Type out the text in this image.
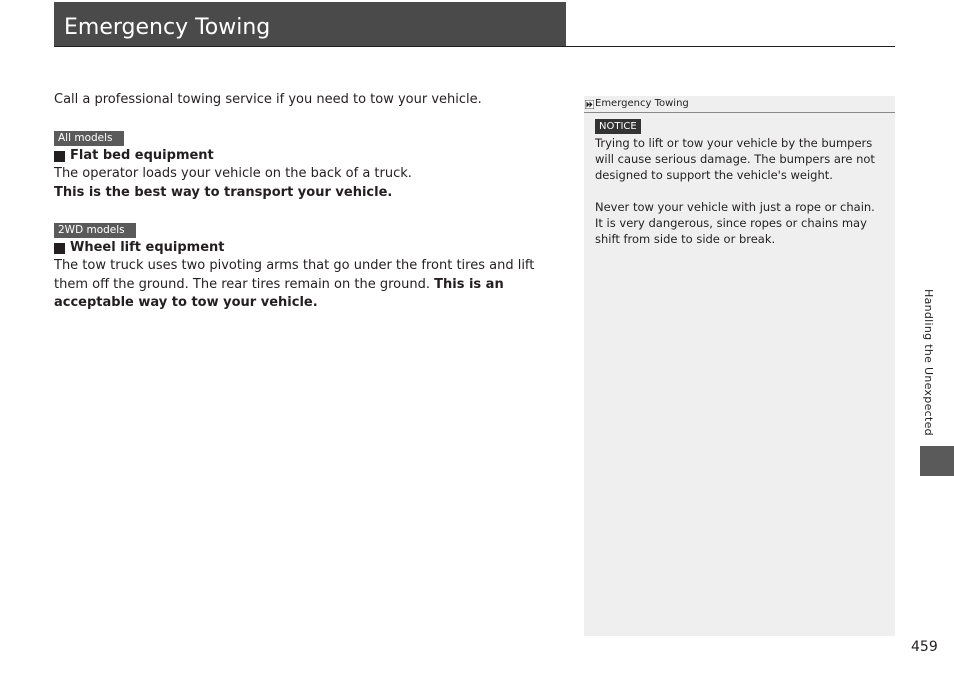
Emergency Towing
Call a professional towing service if you need to tow your vehicle.
All models
Flat bed equipment
The operator loads your vehicle on the back of a truck.
This is the best way to transport your vehicle.
2WD models
Wheel lift equipment
The tow truck uses two pivoting arms that go under the front tires and lift them off the ground. The rear tires remain on the ground. This is an acceptable way to tow your vehicle.
Emergency Towing
NOTICE
Trying to lift or tow your vehicle by the bumpers will cause serious damage. The bumpers are not designed to support the vehicle's weight.
Never tow your vehicle with just a rope or chain.
It is very dangerous, since ropes or chains may shift from side to side or break.
Handling the Unexpected
459
